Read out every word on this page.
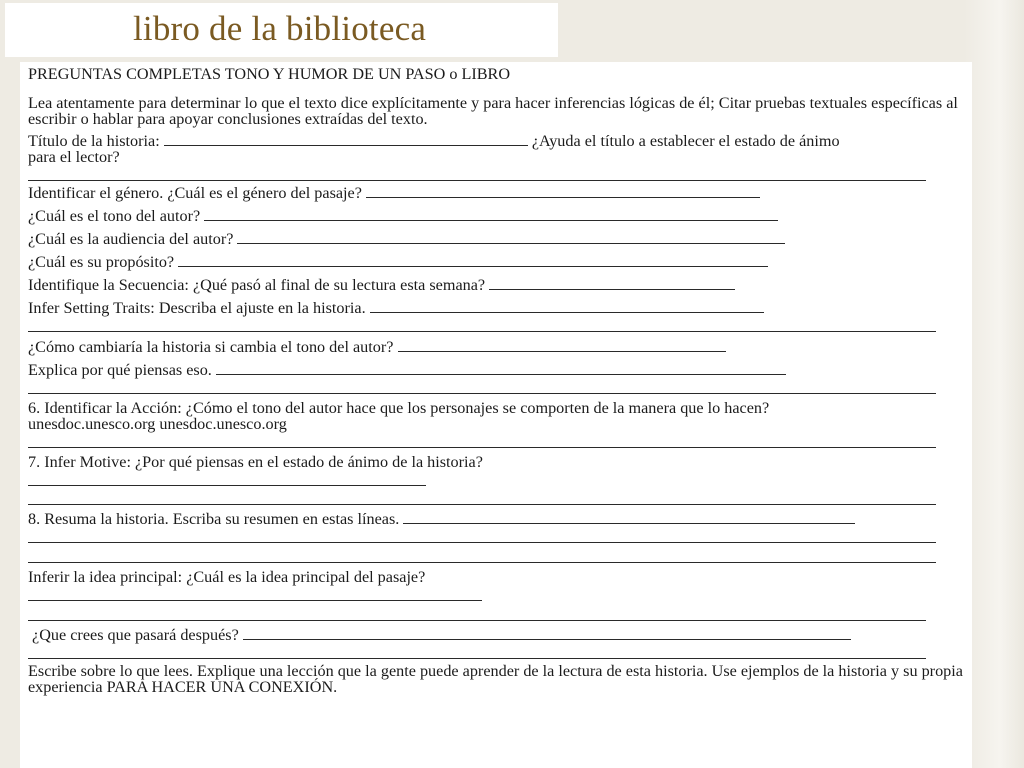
libro de la biblioteca

PREGUNTAS COMPLETAS TONO Y HUMOR DE UN PASO o LIBRO

Lea atentamente para determinar lo que el texto dice explícitamente y para hacer inferencias lógicas de él; Citar pruebas textuales específicas al escribir o hablar para apoyar conclusiones extraídas del texto.

Título de la historia:	¿Ayuda el título a establecer el estado de ánimo
para el lector?

Identificar el género. ¿Cuál es el género del pasaje?

¿Cuál es el tono del autor?

¿Cuál es la audiencia del autor?

¿Cuál es su propósito?

Identifique la Secuencia: ¿Qué pasó al final de su lectura esta semana?

Infer Setting Traits: Describa el ajuste en la historia.

¿Cómo cambiaría la historia si cambia el tono del autor?

Explica por qué piensas eso.

6. Identificar la Acción: ¿Cómo el tono del autor hace que los personajes se comporten de la manera que lo hacen?
unesdoc.unesco.org unesdoc.unesco.org

7. Infer Motive: ¿Por qué piensas en el estado de ánimo de la historia?

8. Resuma la historia. Escriba su resumen en estas líneas.

Inferir la idea principal: ¿Cuál es la idea principal del pasaje?

¿Que crees que pasará después?

Escribe sobre lo que lees. Explique una lección que la gente puede aprender de la lectura de esta historia. Use ejemplos de la historia y su propia experiencia PARA HACER UNA CONEXIÓN.
